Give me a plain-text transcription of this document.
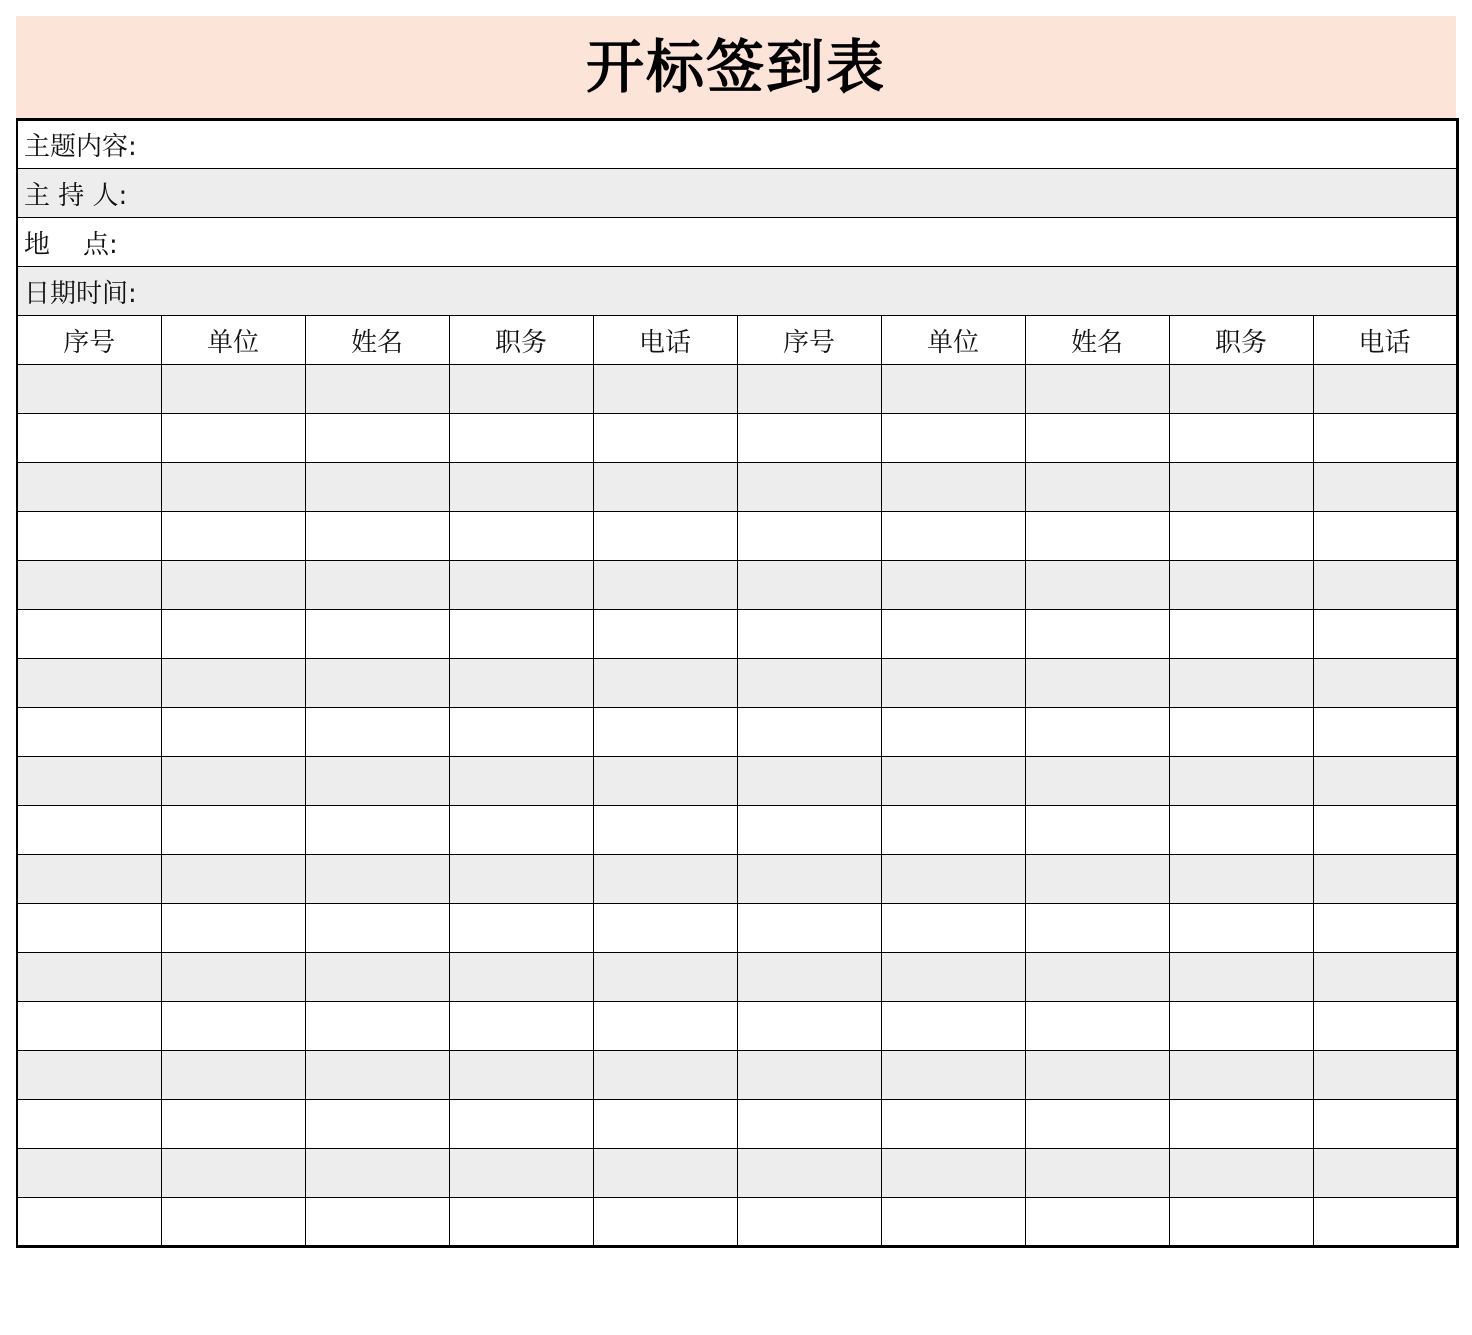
开标签到表
主题内容:									
主 持 人:									
地    点:									
日期时间:									
序号	单位	姓名	职务	电话	序号	单位	姓名	职务	电话
